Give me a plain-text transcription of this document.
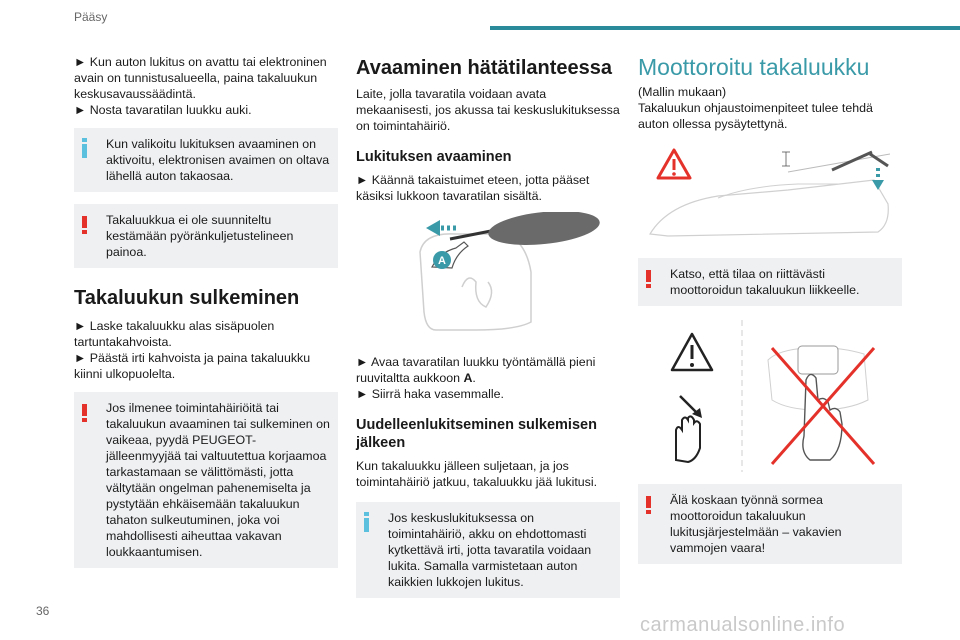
Pääsy

► Kun auton lukitus on avattu tai elektroninen avain on tunnistusalueella, paina takaluukun keskusavaussäädintä.

► Nosta tavaratilan luukku auki.

Kun valikoitu lukituksen avaaminen on aktivoitu, elektronisen avaimen on oltava lähellä auton takaosaa.

Takaluukkua ei ole suunniteltu kestämään pyöränkuljetustelineen painoa.

Takaluukun sulkeminen

► Laske takaluukku alas sisäpuolen tartuntakahvoista.

► Päästä irti kahvoista ja paina takaluukku kiinni ulkopuolelta.

Jos ilmenee toimintahäiriöitä tai takaluukun avaaminen tai sulkeminen on vaikeaa, pyydä PEUGEOT-jälleenmyyjää tai valtuutettua korjaamoa tarkastamaan se välittömästi, jotta vältytään ongelman pahenemiselta ja pystytään ehkäisemään takaluukun tahaton sulkeutuminen, joka voi mahdollisesti aiheuttaa vakavan loukkaantumisen.

Avaaminen hätätilanteessa

Laite, jolla tavaratila voidaan avata mekaanisesti, jos akussa tai keskuslukituksessa on toimintahäiriö.

Lukituksen avaaminen

► Käännä takaistuimet eteen, jotta pääset käsiksi lukkoon tavaratilan sisältä.

A

► Avaa tavaratilan luukku työntämällä pieni ruuvitaltta aukkoon A.

► Siirrä haka vasemmalle.

Uudelleenlukitseminen sulkemisen jälkeen

Kun takaluukku jälleen suljetaan, ja jos toimintahäiriö jatkuu, takaluukku jää lukitusi.

Jos keskuslukituksessa on toimintahäiriö, akku on ehdottomasti kytkettävä irti, jotta tavaratila voidaan lukita. Samalla varmistetaan auton kaikkien lukkojen lukitus.

Moottoroitu takaluukku

(Mallin mukaan)

Takaluukun ohjaustoimenpiteet tulee tehdä auton ollessa pysäytettynä.

Katso, että tilaa on riittävästi moottoroidun takaluukun liikkeelle.

Älä koskaan työnnä sormea moottoroidun takaluukun lukitusjärjestelmään – vakavien vammojen vaara!

36
carmanualsonline.info
